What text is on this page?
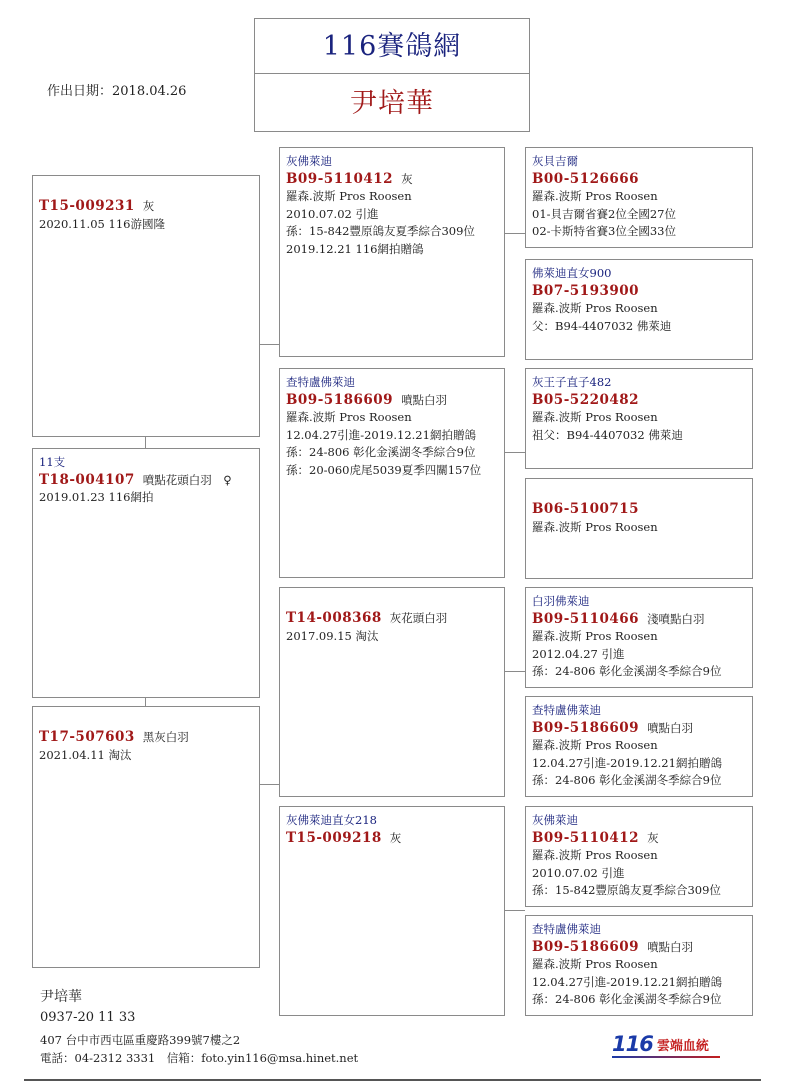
116賽鴿網
尹培華
作出日期：2018.04.26
T15-009231 灰
2020.11.05 116游國隆
11支
T18-004107 噴點花頭白羽　♀
2019.01.23 116網拍
T17-507603 黑灰白羽
2021.04.11 淘汰
灰佛萊迪
B09-5110412 灰
羅森.波斯 Pros Roosen
2010.07.02 引進
孫：15-842豐原鴿友夏季綜合309位
2019.12.21 116網拍贈鴿
查特盧佛萊迪
B09-5186609 噴點白羽
羅森.波斯 Pros Roosen
12.04.27引進-2019.12.21網拍贈鴿
孫：24-806 彰化金溪湖冬季綜合9位
孫：20-060虎尾5039夏季四關157位
T14-008368 灰花頭白羽
2017.09.15 淘汰
灰佛萊迪直女218
T15-009218 灰
灰貝吉爾
B00-5126666
羅森.波斯 Pros Roosen
01-貝吉爾省賽2位全國27位
02-卡斯特省賽3位全國33位
佛萊迪直女900
B07-5193900
羅森.波斯 Pros Roosen
父：B94-4407032 佛萊迪
灰王子直子482
B05-5220482
羅森.波斯 Pros Roosen
祖父：B94-4407032 佛萊迪
B06-5100715
羅森.波斯 Pros Roosen
白羽佛萊迪
B09-5110466 淺噴點白羽
羅森.波斯 Pros Roosen
2012.04.27 引進
孫：24-806 彰化金溪湖冬季綜合9位
查特盧佛萊迪
B09-5186609 噴點白羽
羅森.波斯 Pros Roosen
12.04.27引進-2019.12.21網拍贈鴿
孫：24-806 彰化金溪湖冬季綜合9位
灰佛萊迪
B09-5110412 灰
羅森.波斯 Pros Roosen
2010.07.02 引進
孫：15-842豐原鴿友夏季綜合309位
查特盧佛萊迪
B09-5186609 噴點白羽
羅森.波斯 Pros Roosen
12.04.27引進-2019.12.21網拍贈鴿
孫：24-806 彰化金溪湖冬季綜合9位
尹培華
0937-20 11 33
407 台中市西屯區重慶路399號7樓之2
電話：04-2312 3331　信箱：foto.yin116@msa.hinet.net
116 雲端血統
